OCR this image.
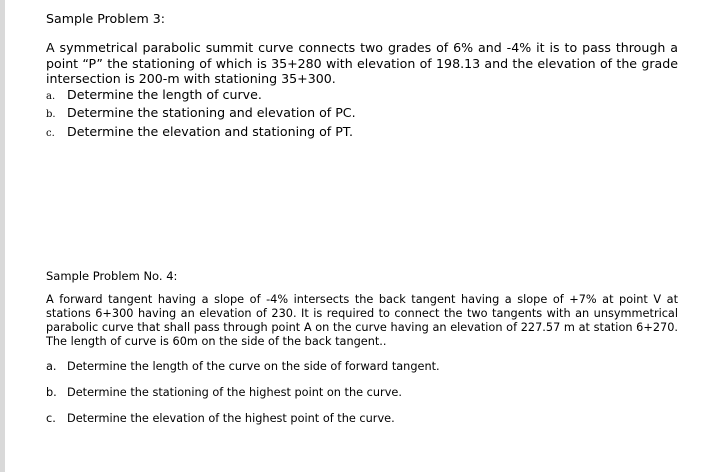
Sample Problem 3:

A symmetrical parabolic summit curve connects two grades of 6% and -4% it is to pass through a point “P” the stationing of which is 35+280 with elevation of 198.13 and the elevation of the grade intersection is 200-m with stationing 35+300.

a. Determine the length of curve.
b. Determine the stationing and elevation of PC.
c. Determine the elevation and stationing of PT.
Sample Problem No. 4:

A forward tangent having a slope of -4% intersects the back tangent having a slope of +7% at point V at stations 6+300 having an elevation of 230. It is required to connect the two tangents with an unsymmetrical parabolic curve that shall pass through point A on the curve having an elevation of 227.57 m at station 6+270. The length of curve is 60m on the side of the back tangent..

a. Determine the length of the curve on the side of forward tangent.
b. Determine the stationing of the highest point on the curve.
c. Determine the elevation of the highest point of the curve.
